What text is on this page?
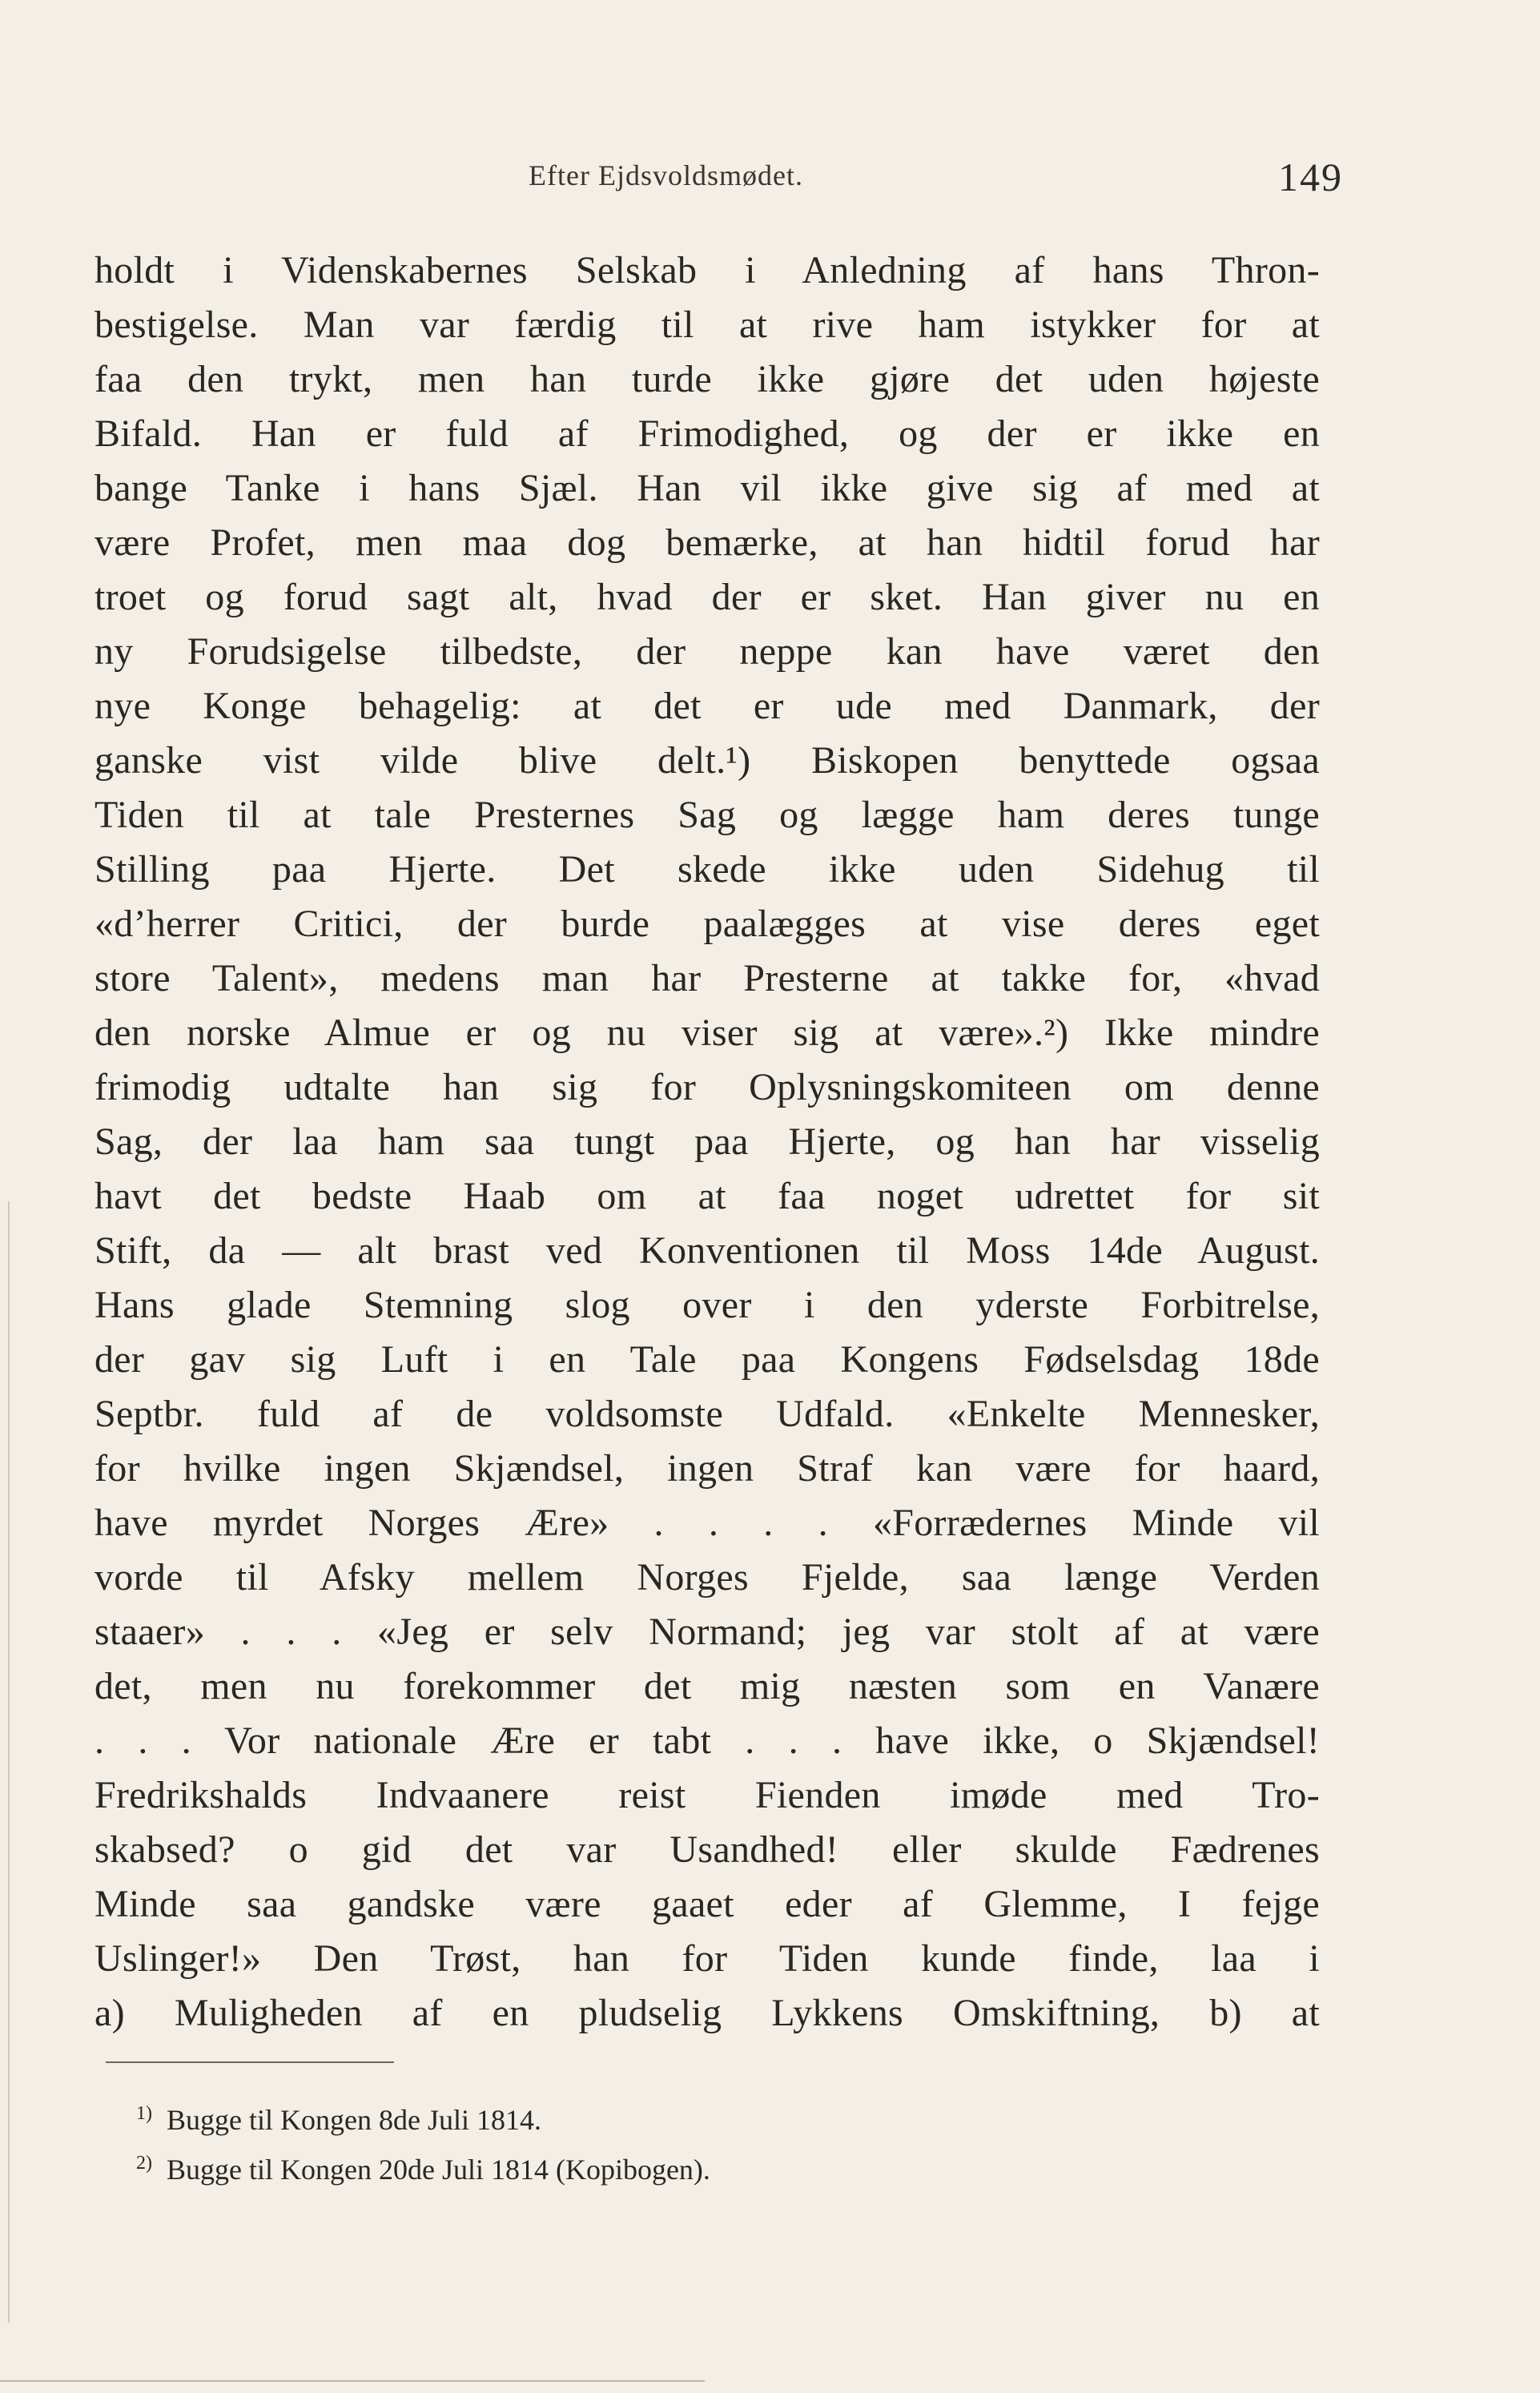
Efter Ejdsvoldsmødet.	149
holdt i Videnskabernes Selskab i Anledning af hans Thron-
bestigelse. Man var færdig til at rive ham istykker for at
faa den trykt, men han turde ikke gjøre det uden højeste
Bifald. Han er fuld af Frimodighed, og der er ikke en
bange Tanke i hans Sjæl. Han vil ikke give sig af med at
være Profet, men maa dog bemærke, at han hidtil forud har
troet og forud sagt alt, hvad der er sket. Han giver nu en
ny Forudsigelse tilbedste, der neppe kan have været den
nye Konge behagelig: at det er ude med Danmark, der
ganske vist vilde blive delt.¹) Biskopen benyttede ogsaa
Tiden til at tale Presternes Sag og lægge ham deres tunge
Stilling paa Hjerte. Det skede ikke uden Sidehug til
«d’herrer Critici, der burde paalægges at vise deres eget
store Talent», medens man har Presterne at takke for, «hvad
den norske Almue er og nu viser sig at være».²) Ikke mindre
frimodig udtalte han sig for Oplysningskomiteen om denne
Sag, der laa ham saa tungt paa Hjerte, og han har visselig
havt det bedste Haab om at faa noget udrettet for sit
Stift, da — alt brast ved Konventionen til Moss 14de August.
Hans glade Stemning slog over i den yderste Forbitrelse,
der gav sig Luft i en Tale paa Kongens Fødselsdag 18de
Septbr. fuld af de voldsomste Udfald. «Enkelte Mennesker,
for hvilke ingen Skjændsel, ingen Straf kan være for haard,
have myrdet Norges Ære» . . . . «Forrædernes Minde vil
vorde til Afsky mellem Norges Fjelde, saa længe Verden
staaer» . . . «Jeg er selv Normand; jeg var stolt af at være
det, men nu forekommer det mig næsten som en Vanære
. . . Vor nationale Ære er tabt . . . have ikke, o Skjændsel!
Fredrikshalds Indvaanere reist Fienden imøde med Tro-
skabsed? o gid det var Usandhed! eller skulde Fædrenes
Minde saa gandske være gaaet eder af Glemme, I fejge
Uslinger!» Den Trøst, han for Tiden kunde finde, laa i
a) Muligheden af en pludselig Lykkens Omskiftning, b) at
$^{1)}$ Bugge til Kongen 8de Juli 1814.
$^{2)}$ Bugge til Kongen 20de Juli 1814 (Kopibogen).
